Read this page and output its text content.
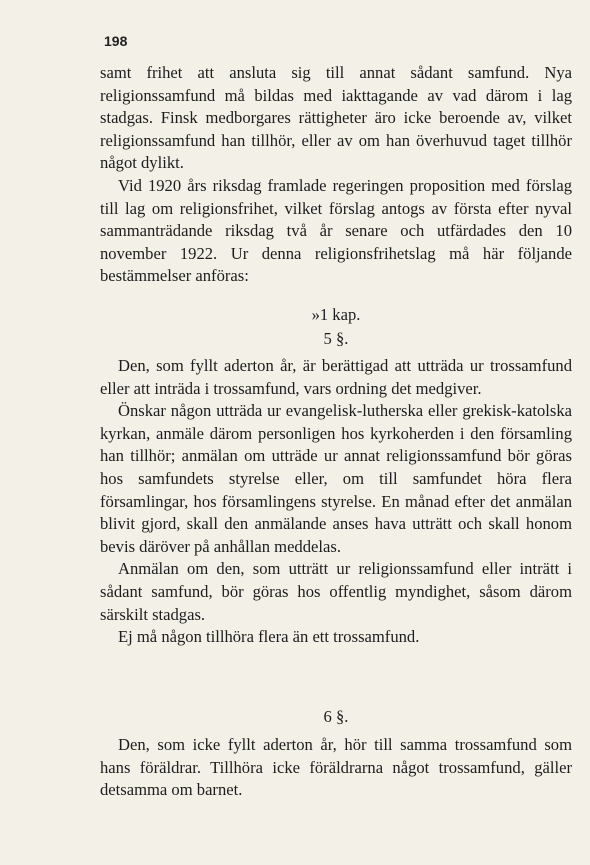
198

samt frihet att ansluta sig till annat sådant samfund. Nya religionssamfund må bildas med iakttagande av vad därom i lag stadgas. Finsk medborgares rättigheter äro icke beroende av, vilket religionssamfund han tillhör, eller av om han överhuvud taget tillhör något dylikt.

Vid 1920 års riksdag framlade regeringen proposition med förslag till lag om religionsfrihet, vilket förslag antogs av första efter nyval sammanträdande riksdag två år senare och utfärdades den 10 november 1922. Ur denna religionsfrihetslag må här följande bestämmelser anföras:

»1 kap.
5 §.

Den, som fyllt aderton år, är berättigad att utträda ur trossamfund eller att inträda i trossamfund, vars ordning det medgiver.

Önskar någon utträda ur evangelisk-lutherska eller grekisk-katolska kyrkan, anmäle därom personligen hos kyrkoherden i den församling han tillhör; anmälan om utträde ur annat religionssamfund bör göras hos samfundets styrelse eller, om till samfundet höra flera församlingar, hos församlingens styrelse. En månad efter det anmälan blivit gjord, skall den anmälande anses hava utträtt och skall honom bevis däröver på anhållan meddelas.

Anmälan om den, som utträtt ur religionssamfund eller inträtt i sådant samfund, bör göras hos offentlig myndighet, såsom därom särskilt stadgas.

Ej må någon tillhöra flera än ett trossamfund.

6 §.

Den, som icke fyllt aderton år, hör till samma trossamfund som hans föräldrar. Tillhöra icke föräldrarna något trossamfund, gäller detsamma om barnet.
